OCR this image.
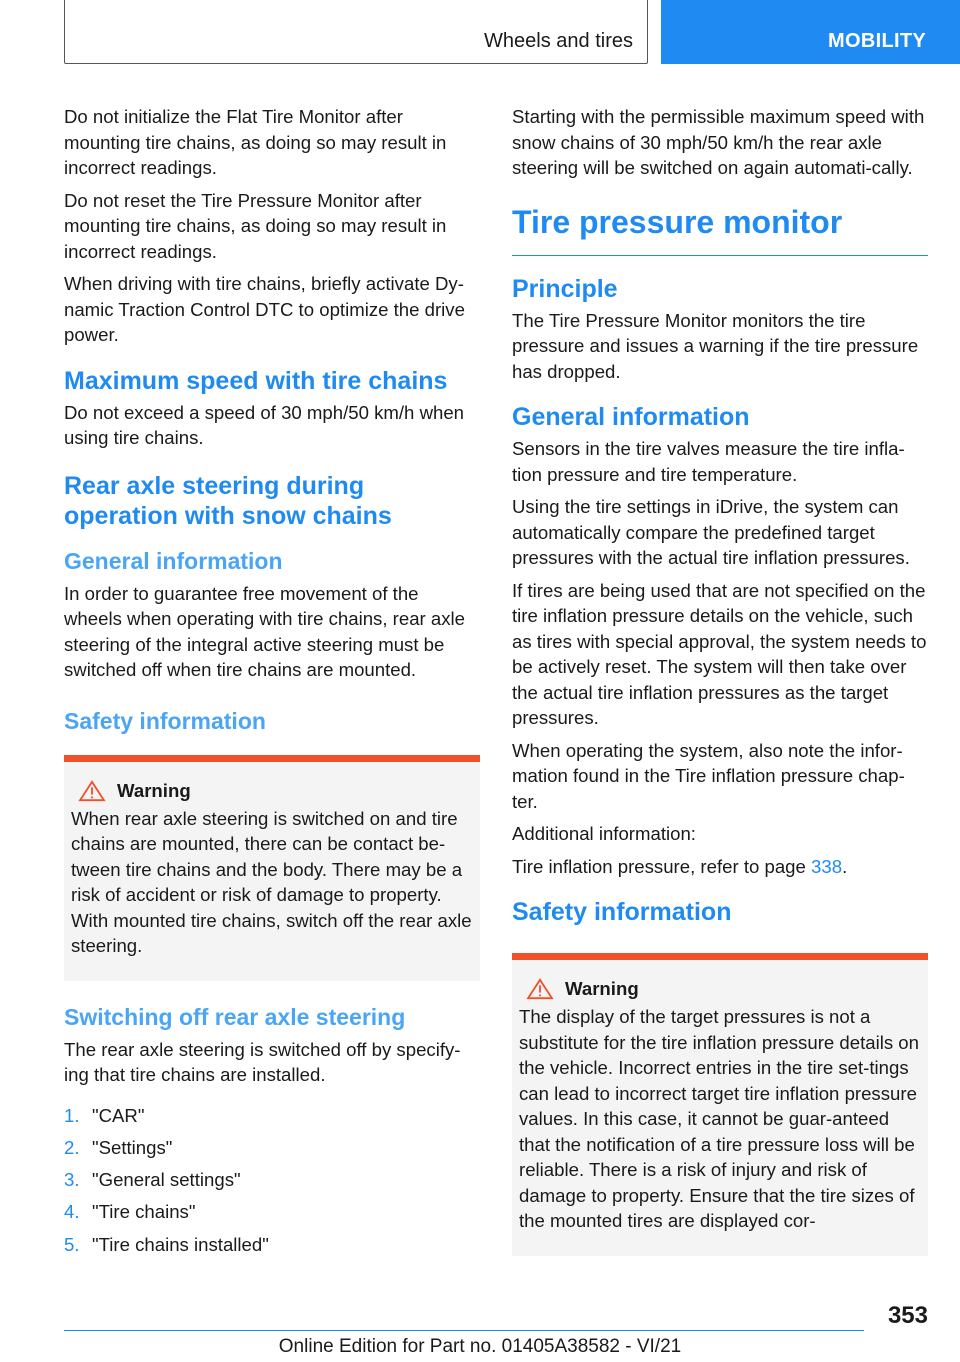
Wheels and tires	MOBILITY

Do not initialize the Flat Tire Monitor after mounting tire chains, as doing so may result in incorrect readings.

Do not reset the Tire Pressure Monitor after mounting tire chains, as doing so may result in incorrect readings.

When driving with tire chains, briefly activate Dy-namic Traction Control DTC to optimize the drive power.

Maximum speed with tire chains

Do not exceed a speed of 30 mph/50 km/h when using tire chains.

Rear axle steering during operation with snow chains
General information

In order to guarantee free movement of the wheels when operating with tire chains, rear axle steering of the integral active steering must be switched off when tire chains are mounted.

Safety information
Warning

When rear axle steering is switched on and tire chains are mounted, there can be contact be-tween tire chains and the body. There may be a risk of accident or risk of damage to property. With mounted tire chains, switch off the rear axle steering.

Switching off rear axle steering

The rear axle steering is switched off by specify-ing that tire chains are installed.

1. "CAR"
2. "Settings"
3. "General settings"
4. "Tire chains"
5. "Tire chains installed"

Starting with the permissible maximum speed with snow chains of 30 mph/50 km/h the rear axle steering will be switched on again automati-cally.

Tire pressure monitor
Principle

The Tire Pressure Monitor monitors the tire pressure and issues a warning if the tire pressure has dropped.

General information

Sensors in the tire valves measure the tire infla-tion pressure and tire temperature.

Using the tire settings in iDrive, the system can automatically compare the predefined target pressures with the actual tire inflation pressures.

If tires are being used that are not specified on the tire inflation pressure details on the vehicle, such as tires with special approval, the system needs to be actively reset. The system will then take over the actual tire inflation pressures as the target pressures.

When operating the system, also note the infor-mation found in the Tire inflation pressure chap-ter.

Additional information:

Tire inflation pressure, refer to page 338.

Safety information
Warning

The display of the target pressures is not a substitute for the tire inflation pressure details on the vehicle. Incorrect entries in the tire set-tings can lead to incorrect target tire inflation pressure values. In this case, it cannot be guar-anteed that the notification of a tire pressure loss will be reliable. There is a risk of injury and risk of damage to property. Ensure that the tire sizes of the mounted tires are displayed cor-

353
Online Edition for Part no. 01405A38582 - VI/21
